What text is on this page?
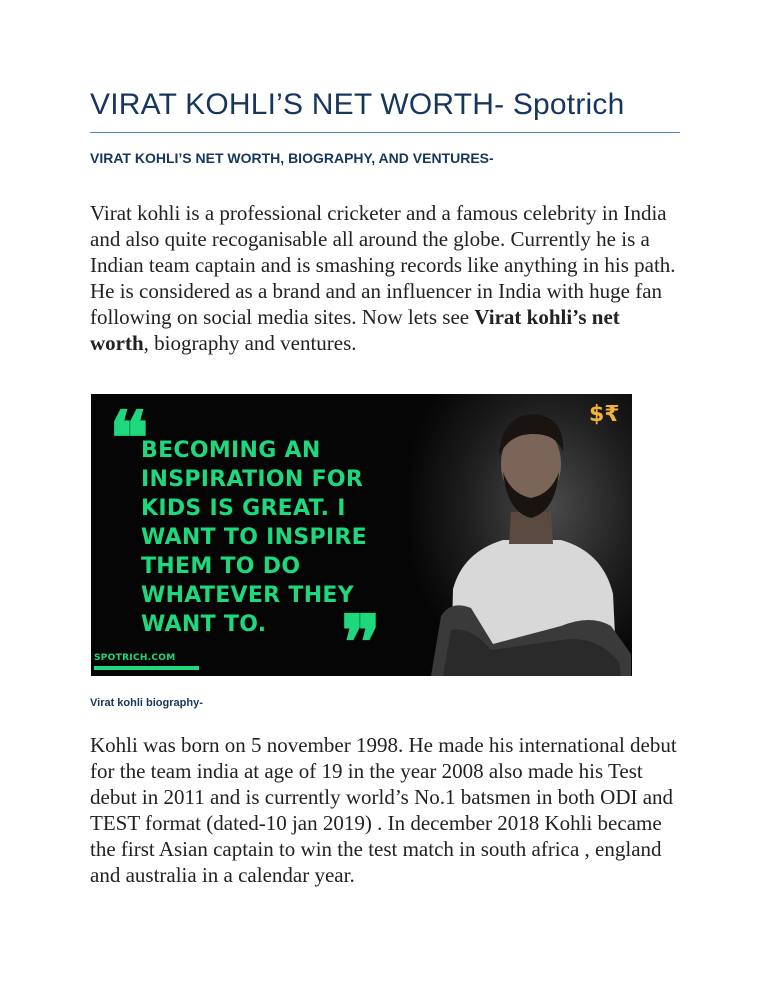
VIRAT KOHLI’S NET WORTH- Spotrich
VIRAT KOHLI’S NET WORTH, BIOGRAPHY, AND VENTURES-
Virat kohli is a professional cricketer and a famous celebrity in India and also quite recoganisable all around the globe. Currently he is a Indian team captain and is smashing records like anything in his path. He is considered as a brand and an influencer in India with huge fan following on social media sites. Now lets see Virat kohli’s net worth, biography and ventures.
❝
BECOMING AN
INSPIRATION FOR
KIDS IS GREAT. I
WANT TO INSPIRE
THEM TO DO
WHATEVER THEY
WANT TO.	❞
$₹
SPOTRICH.COM
Virat kohli biography-
Kohli was born on 5 november 1998. He made his international debut for the team india at age of 19 in the year 2008 also made his Test debut in 2011 and is currently world’s No.1 batsmen in both ODI and TEST format (dated-10 jan 2019) . In december 2018 Kohli became the first Asian captain to win the test match in south africa , england and australia in a calendar year.
